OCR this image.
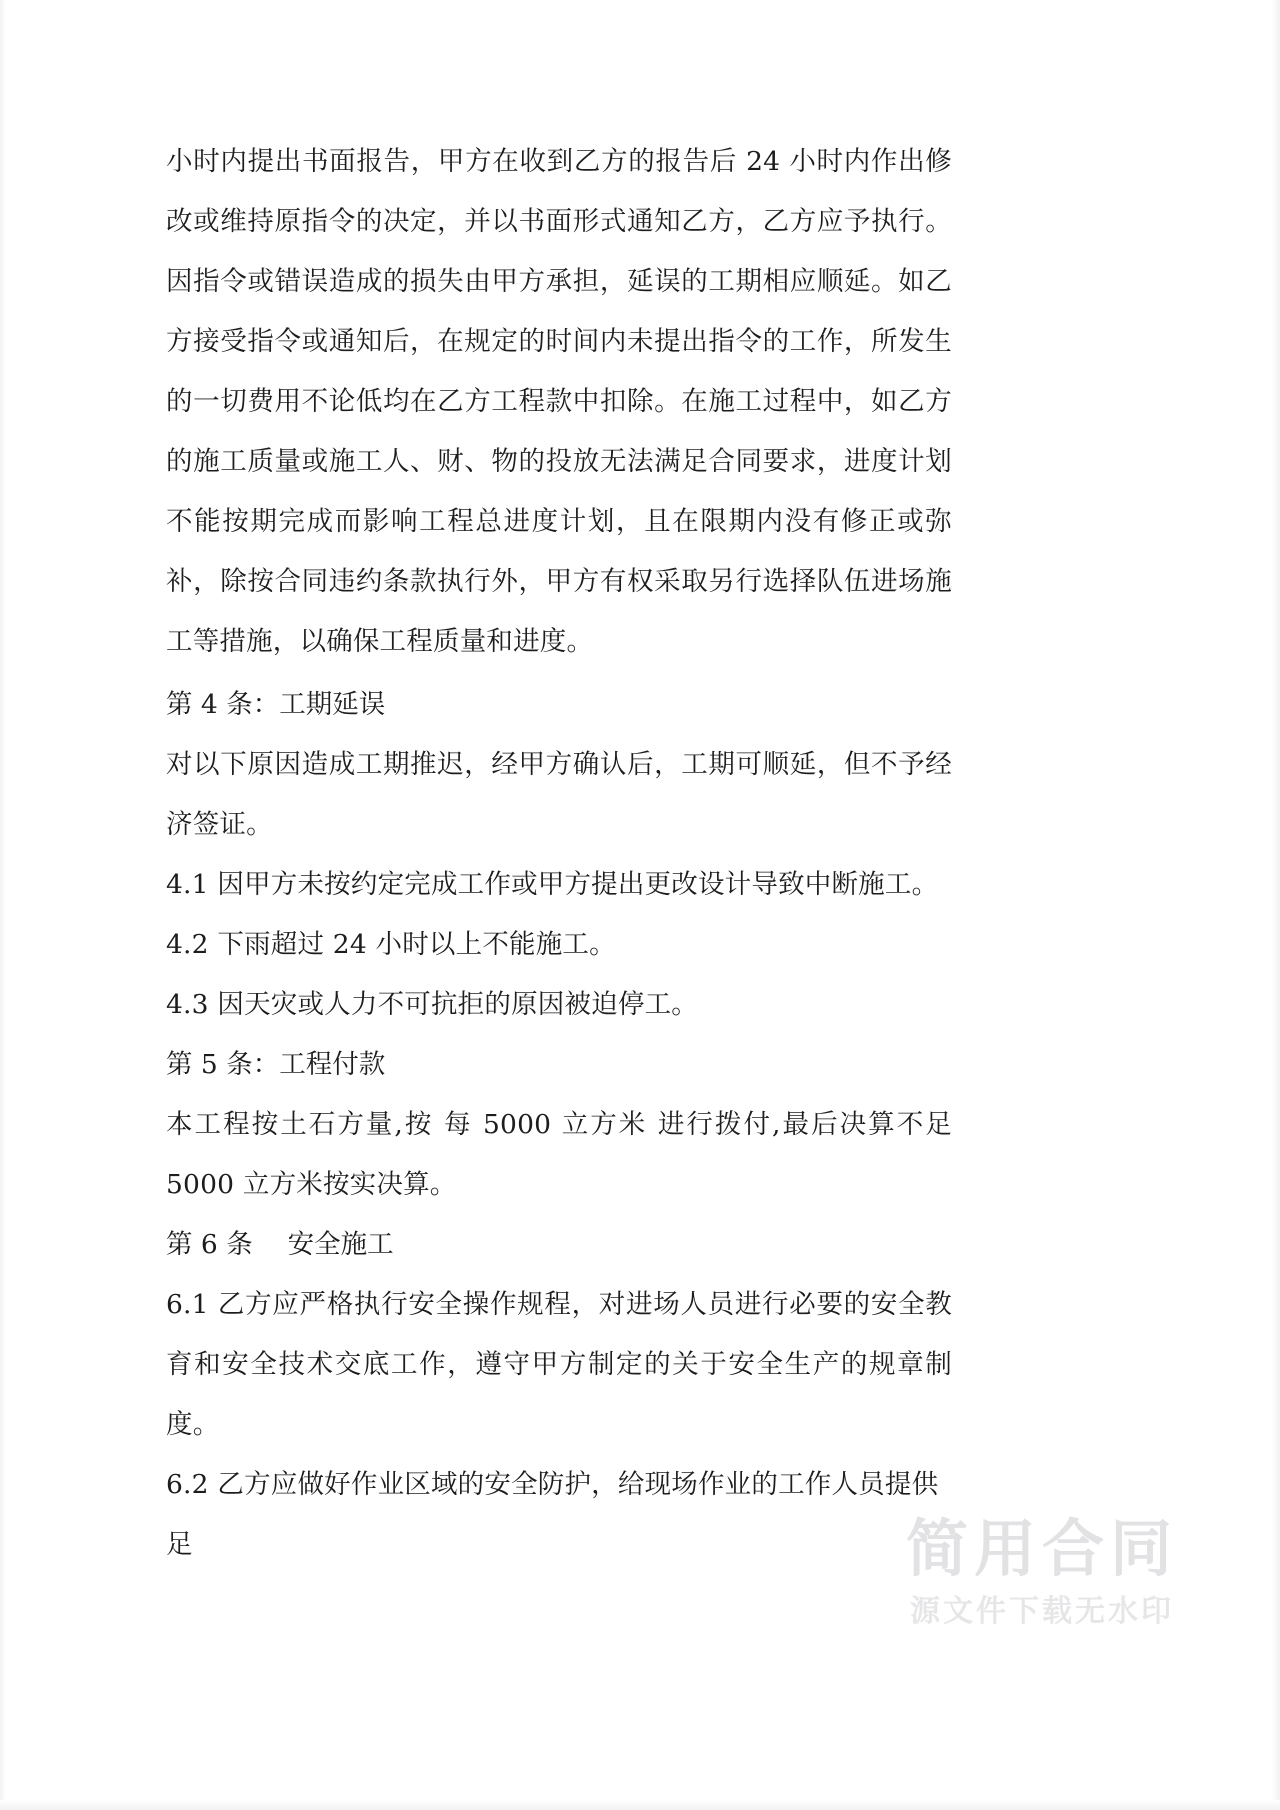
小时内提出书面报告，甲方在收到乙方的报告后 24 小时内作出修改或维持原指令的决定，并以书面形式通知乙方，乙方应予执行。因指令或错误造成的损失由甲方承担，延误的工期相应顺延。如乙方接受指令或通知后，在规定的时间内未提出指令的工作，所发生的一切费用不论低均在乙方工程款中扣除。在施工过程中，如乙方的施工质量或施工人、财、物的投放无法满足合同要求，进度计划不能按期完成而影响工程总进度计划，且在限期内没有修正或弥补，除按合同违约条款执行外，甲方有权采取另行选择队伍进场施工等措施，以确保工程质量和进度。

第 4 条：工期延误

对以下原因造成工期推迟，经甲方确认后，工期可顺延，但不予经济签证。

4.1 因甲方未按约定完成工作或甲方提出更改设计导致中断施工。

4.2 下雨超过 24 小时以上不能施工。

4.3 因天灾或人力不可抗拒的原因被迫停工。

第 5 条：工程付款

本工程按土石方量,按 每 5000 立方米 进行拨付,最后决算不足 5000 立方米按实决算。

第 6 条　 安全施工

6.1 乙方应严格执行安全操作规程，对进场人员进行必要的安全教育和安全技术交底工作，遵守甲方制定的关于安全生产的规章制度。

6.2 乙方应做好作业区域的安全防护，给现场作业的工作人员提供足	简用合同
源文件下载无水印
